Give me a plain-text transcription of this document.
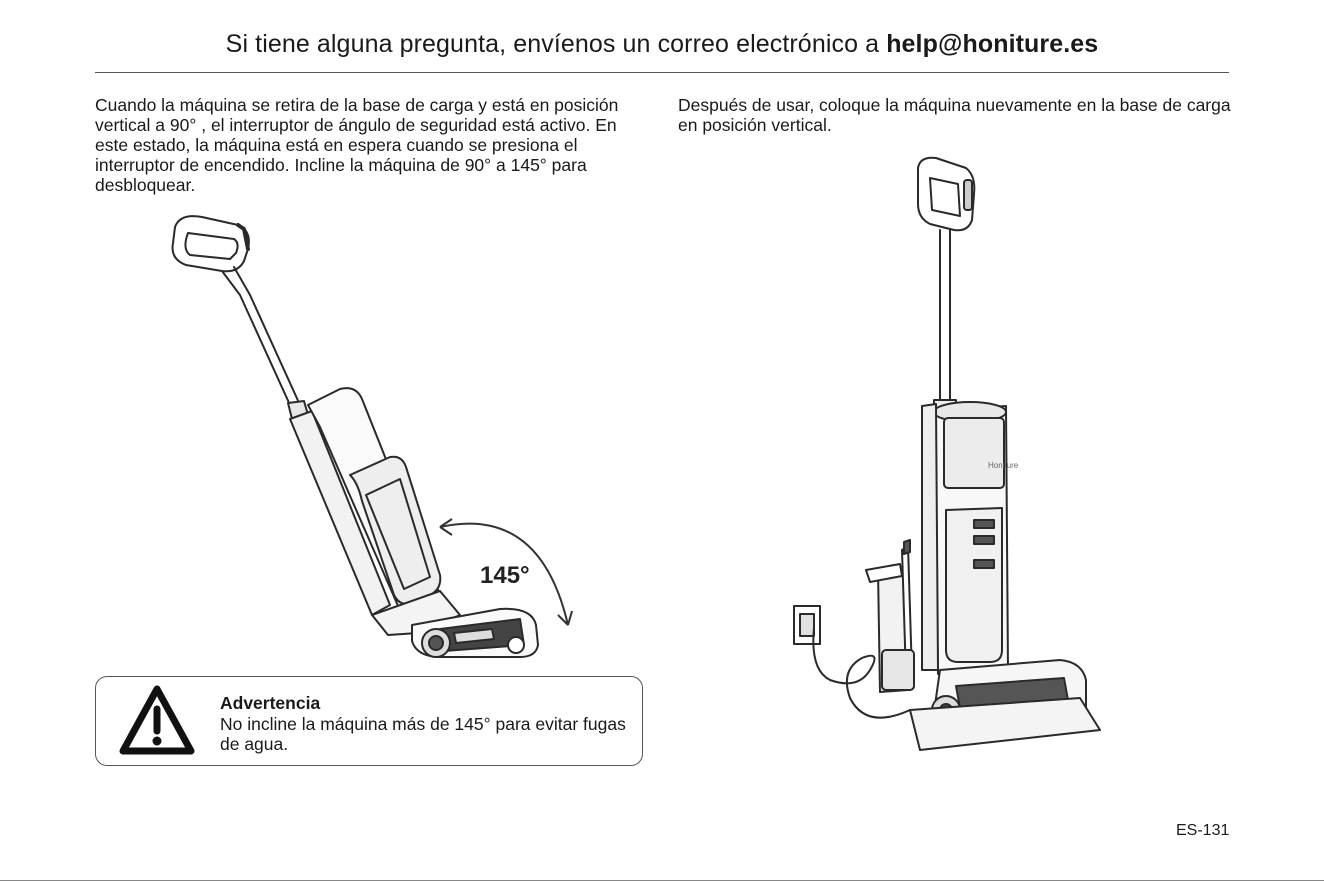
Si tiene alguna pregunta, envíenos un correo electrónico a help@honiture.es
Cuando la máquina se retira de la base de carga y está en posición vertical a 90° , el interruptor de ángulo de seguridad está activo. En este estado, la máquina está en espera cuando se presiona el interruptor de encendido. Incline la máquina de 90° a 145° para desbloquear.
Después de usar, coloque la máquina nuevamente en la base de carga en posición vertical.
145°
Honiture
Advertencia
No incline la máquina más de 145° para evitar fugas de agua.
ES-131
